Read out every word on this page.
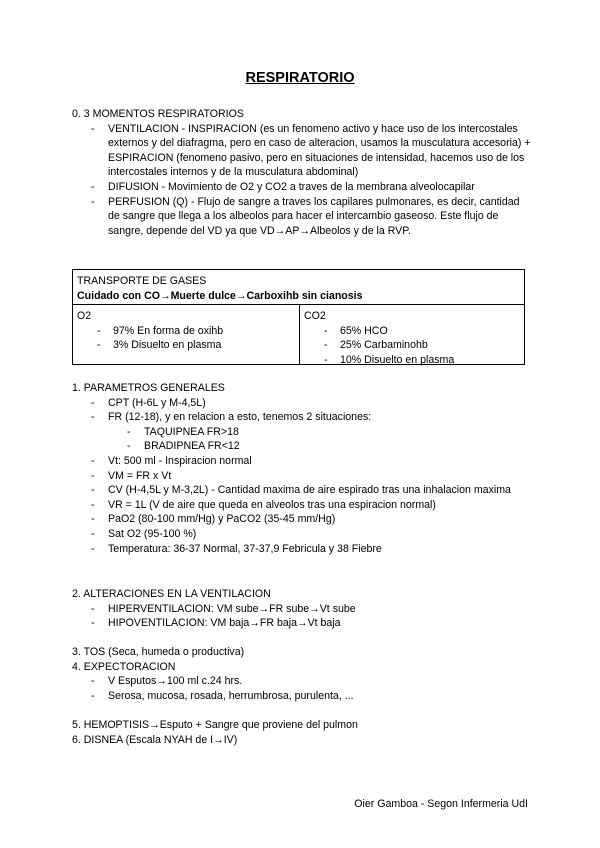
RESPIRATORIO
0. 3 MOMENTOS RESPIRATORIOS
- VENTILACION - INSPIRACION (es un fenomeno activo y hace uso de los intercostales externos y del diafragma, pero en caso de alteracion, usamos la musculatura accesoria) + ESPIRACION (fenomeno pasivo, pero en situaciones de intensidad, hacemos uso de los intercostales internos y de la musculatura abdominal)
- DIFUSION - Movimiento de O2 y CO2 a traves de la membrana alveolocapilar
- PERFUSION (Q) - Flujo de sangre a traves los capilares pulmonares, es decir, cantidad de sangre que llega a los albeolos para hacer el intercambio gaseoso. Este flujo de sangre, depende del VD ya que VD→AP→Albeolos y de la RVP.
TRANSPORTE DE GASES
Cuidado con CO→Muerte dulce→Carboxihb sin cianosis
O2
- 97% En forma de oxihb
- 3% Disuelto en plasma
CO2
- 65% HCO
- 25% Carbaminohb
- 10% Disuelto en plasma
1. PARAMETROS GENERALES
- CPT (H-6L y M-4,5L)
- FR (12-18), y en relacion a esto, tenemos 2 situaciones:
- TAQUIPNEA FR>18
- BRADIPNEA FR<12
- Vt: 500 ml - Inspiracion normal
- VM = FR x Vt
- CV (H-4,5L y M-3,2L) - Cantidad maxima de aire espirado tras una inhalacion maxima
- VR = 1L (V de aire que queda en alveolos tras una espiracion normal)
- PaO2 (80-100 mm/Hg) y PaCO2 (35-45 mm/Hg)
- Sat O2 (95-100 %)
- Temperatura: 36-37 Normal, 37-37,9 Febricula y 38 Fiebre
2. ALTERACIONES EN LA VENTILACION
- HIPERVENTILACION: VM sube→FR sube→Vt sube
- HIPOVENTILACION: VM baja→FR baja→Vt baja
3. TOS (Seca, humeda o productiva)
4. EXPECTORACION
- V Esputos→100 ml c.24 hrs.
- Serosa, mucosa, rosada, herrumbrosa, purulenta, ...
5. HEMOPTISIS→Esputo + Sangre que proviene del pulmon
6. DISNEA (Escala NYAH de I→IV)
Oier Gamboa - Segon Infermeria UdI
